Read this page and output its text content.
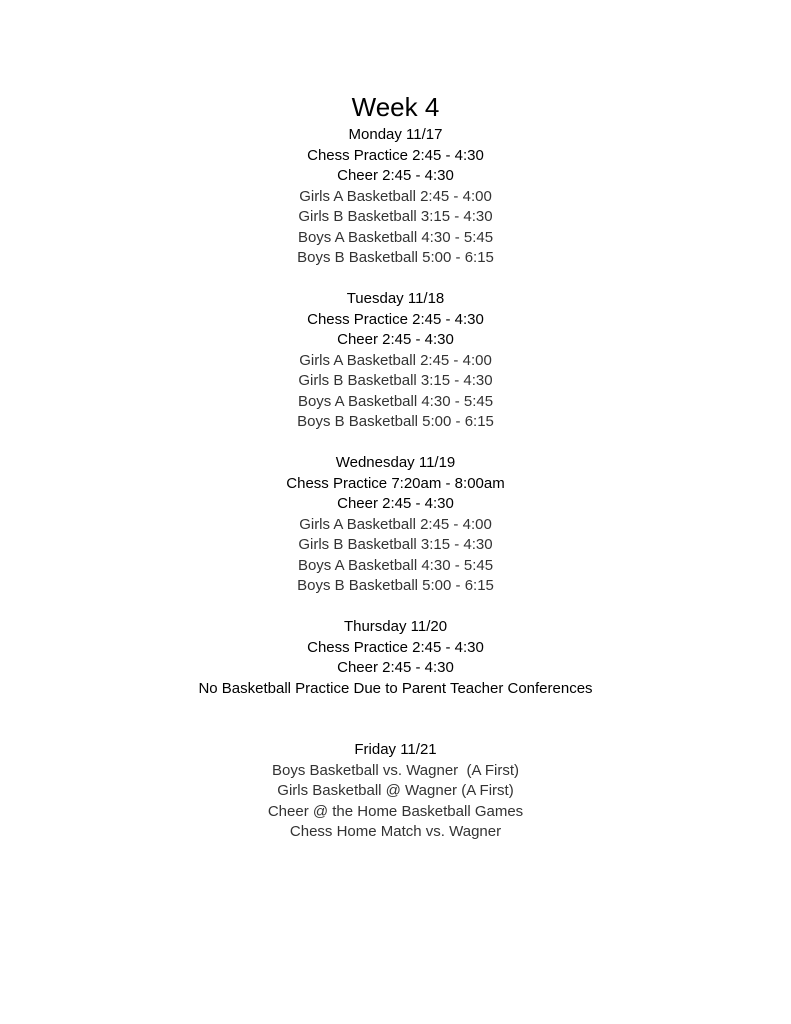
Week 4
Monday 11/17
Chess Practice 2:45 - 4:30
Cheer 2:45 - 4:30
Girls A Basketball 2:45 - 4:00
Girls B Basketball 3:15 - 4:30
Boys A Basketball 4:30 - 5:45
Boys B Basketball 5:00 - 6:15
Tuesday 11/18
Chess Practice 2:45 - 4:30
Cheer 2:45 - 4:30
Girls A Basketball 2:45 - 4:00
Girls B Basketball 3:15 - 4:30
Boys A Basketball 4:30 - 5:45
Boys B Basketball 5:00 - 6:15
Wednesday 11/19
Chess Practice 7:20am - 8:00am
Cheer 2:45 - 4:30
Girls A Basketball 2:45 - 4:00
Girls B Basketball 3:15 - 4:30
Boys A Basketball 4:30 - 5:45
Boys B Basketball 5:00 - 6:15
Thursday 11/20
Chess Practice 2:45 - 4:30
Cheer 2:45 - 4:30
No Basketball Practice Due to Parent Teacher Conferences
Friday 11/21
Boys Basketball vs. Wagner  (A First)
Girls Basketball @ Wagner (A First)
Cheer @ the Home Basketball Games
Chess Home Match vs. Wagner
